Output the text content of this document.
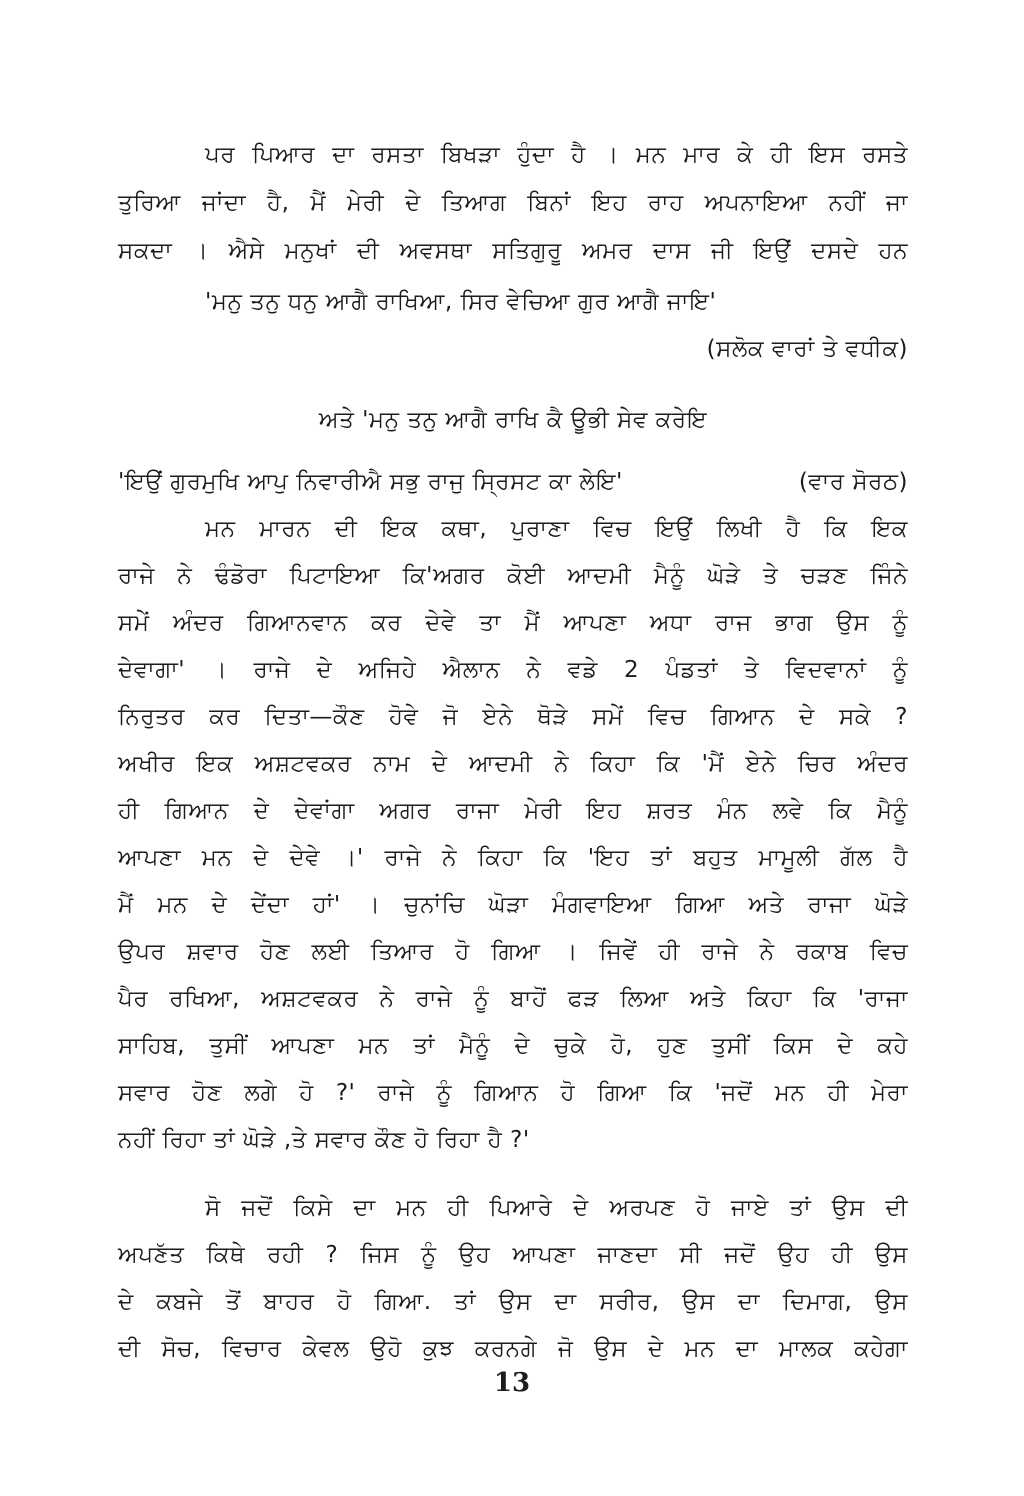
ਪਰ ਪਿਆਰ ਦਾ ਰਸਤਾ ਬਿਖੜਾ ਹੁੰਦਾ ਹੈ । ਮਨ ਮਾਰ ਕੇ ਹੀ ਇਸ ਰਸਤੇ
ਤੁਰਿਆ ਜਾਂਦਾ ਹੈ, ਮੈਂ ਮੇਰੀ ਦੇ ਤਿਆਗ ਬਿਨਾਂ ਇਹ ਰਾਹ ਅਪਨਾਇਆ ਨਹੀਂ ਜਾ
ਸਕਦਾ । ਐਸੇ ਮਨੁਖਾਂ ਦੀ ਅਵਸਥਾ ਸਤਿਗੁਰੂ ਅਮਰ ਦਾਸ ਜੀ ਇਉਂ ਦਸਦੇ ਹਨ
'ਮਨੁ ਤਨੁ ਧਨੁ ਆਗੈ ਰਾਖਿਆ, ਸਿਰ ਵੇਚਿਆ ਗੁਰ ਆਗੈ ਜਾਇ'
(ਸਲੋਕ ਵਾਰਾਂ ਤੇ ਵਧੀਕ)
ਅਤੇ 'ਮਨੁ ਤਨੁ ਆਗੈ ਰਾਖਿ ਕੈ ਊਭੀ ਸੇਵ ਕਰੇਇ
'ਇਉਂ ਗੁਰਮੁਖਿ ਆਪੁ ਨਿਵਾਰੀਐ ਸਭੁ ਰਾਜੁ ਸ੍ਰਿਸਟ ਕਾ ਲੇਇ'	(ਵਾਰ ਸੋਰਠ)
ਮਨ ਮਾਰਨ ਦੀ ਇਕ ਕਥਾ, ਪੁਰਾਣਾ ਵਿਚ ਇਉਂ ਲਿਖੀ ਹੈ ਕਿ ਇਕ
ਰਾਜੇ ਨੇ ਢੰਡੋਰਾ ਪਿਟਾਇਆ ਕਿ'ਅਗਰ ਕੋਈ ਆਦਮੀ ਮੈਨੂੰ ਘੋੜੇ ਤੇ ਚੜਣ ਜਿੰਨੇ
ਸਮੇਂ ਅੰਦਰ ਗਿਆਨਵਾਨ ਕਰ ਦੇਵੇ ਤਾ ਮੈਂ ਆਪਣਾ ਅਧਾ ਰਾਜ ਭਾਗ ਉਸ ਨੂੰ
ਦੇਵਾਗਾ' । ਰਾਜੇ ਦੇ ਅਜਿਹੇ ਐਲਾਨ ਨੇ ਵਡੇ 2 ਪੰਡਤਾਂ ਤੇ ਵਿਦਵਾਨਾਂ ਨੂੰ
ਨਿਰੁਤਰ ਕਰ ਦਿਤਾ—ਕੌਣ ਹੋਵੇ ਜੋ ਏਨੇ ਥੋੜੇ ਸਮੇਂ ਵਿਚ ਗਿਆਨ ਦੇ ਸਕੇ ?
ਅਖੀਰ ਇਕ ਅਸ਼ਟਵਕਰ ਨਾਮ ਦੇ ਆਦਮੀ ਨੇ ਕਿਹਾ ਕਿ 'ਮੈਂ ਏਨੇ ਚਿਰ ਅੰਦਰ
ਹੀ ਗਿਆਨ ਦੇ ਦੇਵਾਂਗਾ ਅਗਰ ਰਾਜਾ ਮੇਰੀ ਇਹ ਸ਼ਰਤ ਮੰਨ ਲਵੇ ਕਿ ਮੈਨੂੰ
ਆਪਣਾ ਮਨ ਦੇ ਦੇਵੇ ।' ਰਾਜੇ ਨੇ ਕਿਹਾ ਕਿ 'ਇਹ ਤਾਂ ਬਹੁਤ ਮਾਮੂਲੀ ਗੱਲ ਹੈ
ਮੈਂ ਮਨ ਦੇ ਦੇਂਦਾ ਹਾਂ' । ਚੁਨਾਂਚਿ ਘੋੜਾ ਮੰਗਵਾਇਆ ਗਿਆ ਅਤੇ ਰਾਜਾ ਘੋੜੇ
ਉਪਰ ਸ਼ਵਾਰ ਹੋਣ ਲਈ ਤਿਆਰ ਹੋ ਗਿਆ । ਜਿਵੇਂ ਹੀ ਰਾਜੇ ਨੇ ਰਕਾਬ ਵਿਚ
ਪੈਰ ਰਖਿਆ, ਅਸ਼ਟਵਕਰ ਨੇ ਰਾਜੇ ਨੂੰ ਬਾਹੋਂ ਫੜ ਲਿਆ ਅਤੇ ਕਿਹਾ ਕਿ 'ਰਾਜਾ
ਸਾਹਿਬ, ਤੁਸੀਂ ਆਪਣਾ ਮਨ ਤਾਂ ਮੈਨੂੰ ਦੇ ਚੁਕੇ ਹੋ, ਹੁਣ ਤੁਸੀਂ ਕਿਸ ਦੇ ਕਹੇ
ਸਵਾਰ ਹੋਣ ਲਗੇ ਹੋ ?' ਰਾਜੇ ਨੂੰ ਗਿਆਨ ਹੋ ਗਿਆ ਕਿ 'ਜਦੋਂ ਮਨ ਹੀ ਮੇਰਾ
ਨਹੀਂ ਰਿਹਾ ਤਾਂ ਘੋੜੇ ,ਤੇ ਸਵਾਰ ਕੌਣ ਹੋ ਰਿਹਾ ਹੈ ?'
ਸੋ ਜਦੋਂ ਕਿਸੇ ਦਾ ਮਨ ਹੀ ਪਿਆਰੇ ਦੇ ਅਰਪਣ ਹੋ ਜਾਏ ਤਾਂ ਉਸ ਦੀ
ਅਪਣੱਤ ਕਿਥੇ ਰਹੀ ? ਜਿਸ ਨੂੰ ਉਹ ਆਪਣਾ ਜਾਣਦਾ ਸੀ ਜਦੋਂ ਉਹ ਹੀ ਉਸ
ਦੇ ਕਬਜੇ ਤੋਂ ਬਾਹਰ ਹੋ ਗਿਆ. ਤਾਂ ਉਸ ਦਾ ਸਰੀਰ, ਉਸ ਦਾ ਦਿਮਾਗ, ਉਸ
ਦੀ ਸੋਚ, ਵਿਚਾਰ ਕੇਵਲ ਉਹੋ ਕੁਝ ਕਰਨਗੇ ਜੋ ਉਸ ਦੇ ਮਨ ਦਾ ਮਾਲਕ ਕਹੇਗਾ
13
